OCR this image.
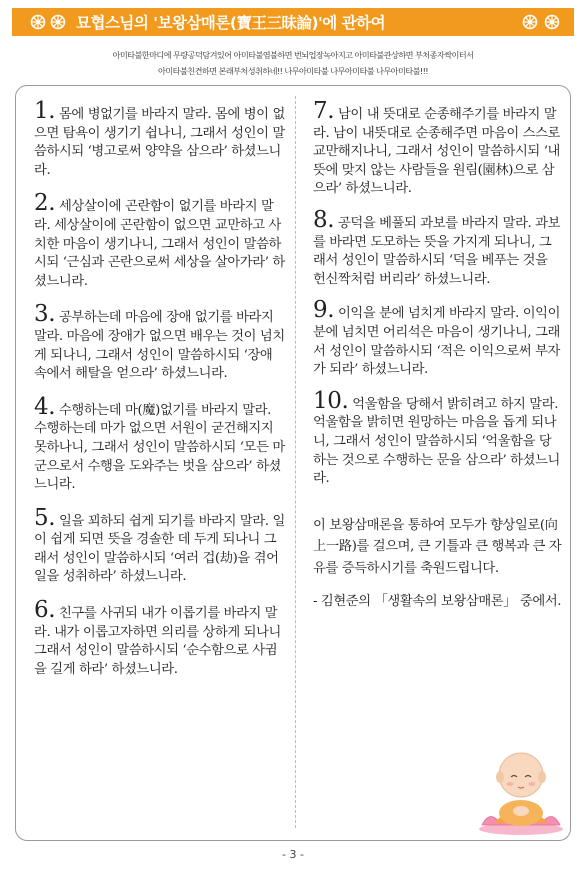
묘협스님의 '보왕삼매론(寶王三昧論)'에 관하여
아미타불한마디에 무량공덕담겨있어 아미타불염불하면 번뇌업장녹아지고 아미타불관상하면 부처종자싹이터서
아미타불친견하면 본래부처성취하네!! 나무아미타불 나무아미타불 나무아미타불!!!
1. 몸에 병없기를 바라지 말라. 몸에 병이 없으면 탐욕이 생기기 쉽나니, 그래서 성인이 말씀하시되 ‘병고로써 양약을 삼으라’ 하셨느니라.
2. 세상살이에 곤란함이 없기를 바라지 말라. 세상살이에 곤란함이 없으면 교만하고 사치한 마음이 생기나니, 그래서 성인이 말씀하시되 ‘근심과 곤란으로써 세상을 살아가라’ 하셨느니라.
3. 공부하는데 마음에 장애 없기를 바라지 말라. 마음에 장애가 없으면 배우는 것이 넘치게 되나니, 그래서 성인이 말씀하시되 ‘장애 속에서 해탈을 얻으라’ 하셨느니라.
4. 수행하는데 마(魔)없기를 바라지 말라. 수행하는데 마가 없으면 서원이 굳건해지지 못하나니, 그래서 성인이 말씀하시되 ‘모든 마군으로서 수행을 도와주는 벗을 삼으라’ 하셨느니라.
5. 일을 꾀하되 쉽게 되기를 바라지 말라. 일이 쉽게 되면 뜻을 경솔한 데 두게 되나니 그래서 성인이 말씀하시되 ‘여러 겁(劫)을 겪어 일을 성취하라’ 하셨느니라.
6. 친구를 사귀되 내가 이롭기를 바라지 말라. 내가 이롭고자하면 의리를 상하게 되나니 그래서 성인이 말씀하시되 ‘순수함으로 사귐을 길게 하라’ 하셨느니라.
7. 남이 내 뜻대로 순종해주기를 바라지 말라. 남이 내뜻대로 순종해주면 마음이 스스로 교만해지나니, 그래서 성인이 말씀하시되 ‘내 뜻에 맞지 않는 사람들을 원림(園林)으로 삼으라’ 하셨느니라.
8. 공덕을 베풀되 과보를 바라지 말라. 과보를 바라면 도모하는 뜻을 가지게 되나니, 그래서 성인이 말씀하시되 ‘덕을 베푸는 것을 헌신짝처럼 버리라’ 하셨느니라.
9. 이익을 분에 넘치게 바라지 말라. 이익이 분에 넘치면 어리석은 마음이 생기나니, 그래서 성인이 말씀하시되 ‘적은 이익으로써 부자가 되라’ 하셨느니라.
10. 억울함을 당해서 밝히려고 하지 말라. 억울함을 밝히면 원망하는 마음을 돕게 되나니, 그래서 성인이 말씀하시되 ‘억울함을 당하는 것으로 수행하는 문을 삼으라’ 하셨느니라.
이 보왕삼매론을 통하여 모두가 향상일로(向上一路)를 걸으며, 큰 기틀과 큰 행복과 큰 자유를 증득하시기를 축원드립니다.
- 김현준의 「생활속의 보왕삼매론」 중에서.
- 3 -
